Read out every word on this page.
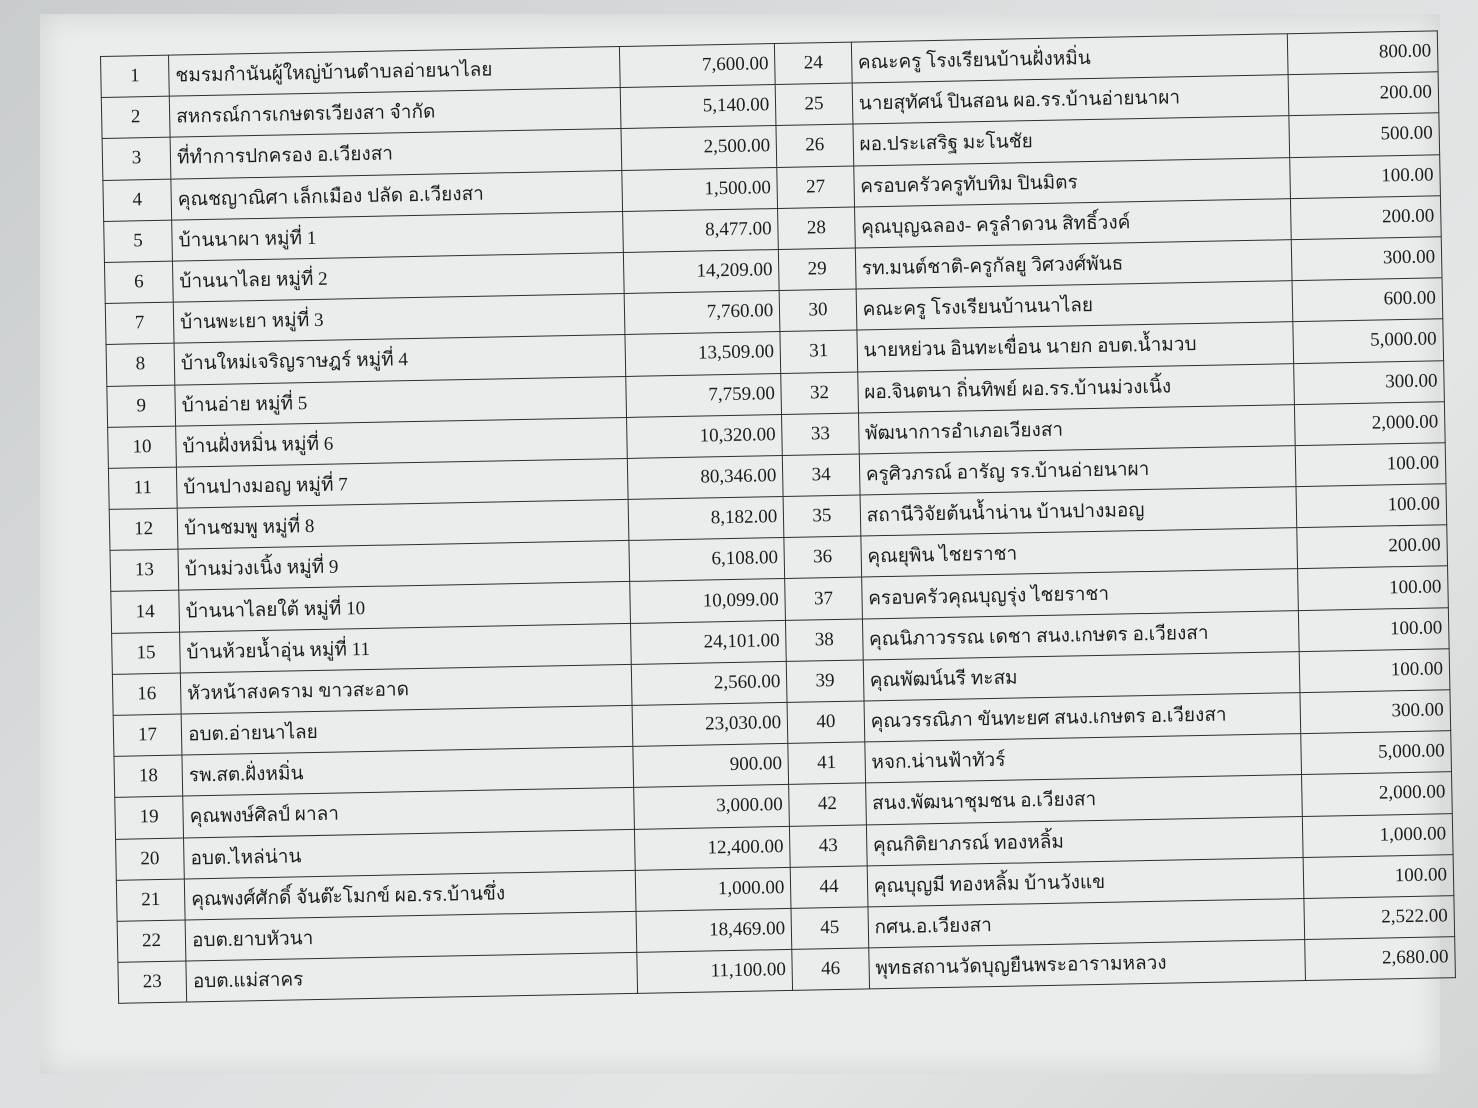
1	ชมรมกำนันผู้ใหญ่บ้านตำบลอ่ายนาไลย	7,600.00	24	คณะครู โรงเรียนบ้านฝั่งหมิ่น	800.00
2	สหกรณ์การเกษตรเวียงสา จำกัด	5,140.00	25	นายสุทัศน์ ปินสอน ผอ.รร.บ้านอ่ายนาผา	200.00
3	ที่ทำการปกครอง อ.เวียงสา	2,500.00	26	ผอ.ประเสริฐ มะโนชัย	500.00
4	คุณชญาณิศา เล็กเมือง ปลัด อ.เวียงสา	1,500.00	27	ครอบครัวครูทับทิม ปินมิตร	100.00
5	บ้านนาผา หมู่ที่ 1	8,477.00	28	คุณบุญฉลอง- ครูลำดวน สิทธิ์วงค์	200.00
6	บ้านนาไลย หมู่ที่ 2	14,209.00	29	รท.มนต์ชาติ-ครูกัลยู วิศวงศ์พันธ	300.00
7	บ้านพะเยา หมู่ที่ 3	7,760.00	30	คณะครู โรงเรียนบ้านนาไลย	600.00
8	บ้านใหม่เจริญราษฎร์ หมู่ที่ 4	13,509.00	31	นายหย่วน อินทะเขื่อน นายก อบต.น้ำมวบ	5,000.00
9	บ้านอ่าย หมู่ที่ 5	7,759.00	32	ผอ.จินตนา ถิ่นทิพย์ ผอ.รร.บ้านม่วงเนิ้ง	300.00
10	บ้านฝั่งหมิ่น หมู่ที่ 6	10,320.00	33	พัฒนาการอำเภอเวียงสา	2,000.00
11	บ้านปางมอญ หมู่ที่ 7	80,346.00	34	ครูศิวภรณ์ อารัญ รร.บ้านอ่ายนาผา	100.00
12	บ้านชมพู หมู่ที่ 8	8,182.00	35	สถานีวิจัยต้นน้ำน่าน บ้านปางมอญ	100.00
13	บ้านม่วงเนิ้ง หมู่ที่ 9	6,108.00	36	คุณยุพิน ไชยราชา	200.00
14	บ้านนาไลยใต้ หมู่ที่ 10	10,099.00	37	ครอบครัวคุณบุญรุ่ง ไชยราชา	100.00
15	บ้านห้วยน้ำอุ่น หมู่ที่ 11	24,101.00	38	คุณนิภาวรรณ เดชา สนง.เกษตร อ.เวียงสา	100.00
16	หัวหน้าสงคราม ขาวสะอาด	2,560.00	39	คุณพัฒน์นรี ทะสม	100.00
17	อบต.อ่ายนาไลย	23,030.00	40	คุณวรรณิภา ขันทะยศ สนง.เกษตร อ.เวียงสา	300.00
18	รพ.สต.ฝั่งหมิ่น	900.00	41	หจก.น่านฟ้าทัวร์	5,000.00
19	คุณพงษ์ศิลป์ ผาลา	3,000.00	42	สนง.พัฒนาชุมชน อ.เวียงสา	2,000.00
20	อบต.ไหล่น่าน	12,400.00	43	คุณกิติยาภรณ์ ทองหลิ้ม	1,000.00
21	คุณพงศ์ศักดิ์ จันต๊ะโมกข์ ผอ.รร.บ้านขึ่ง	1,000.00	44	คุณบุญมี ทองหลิ้ม บ้านวังแข	100.00
22	อบต.ยาบหัวนา	18,469.00	45	กศน.อ.เวียงสา	2,522.00
23	อบต.แม่สาคร	11,100.00	46	พุทธสถานวัดบุญยืนพระอารามหลวง	2,680.00
